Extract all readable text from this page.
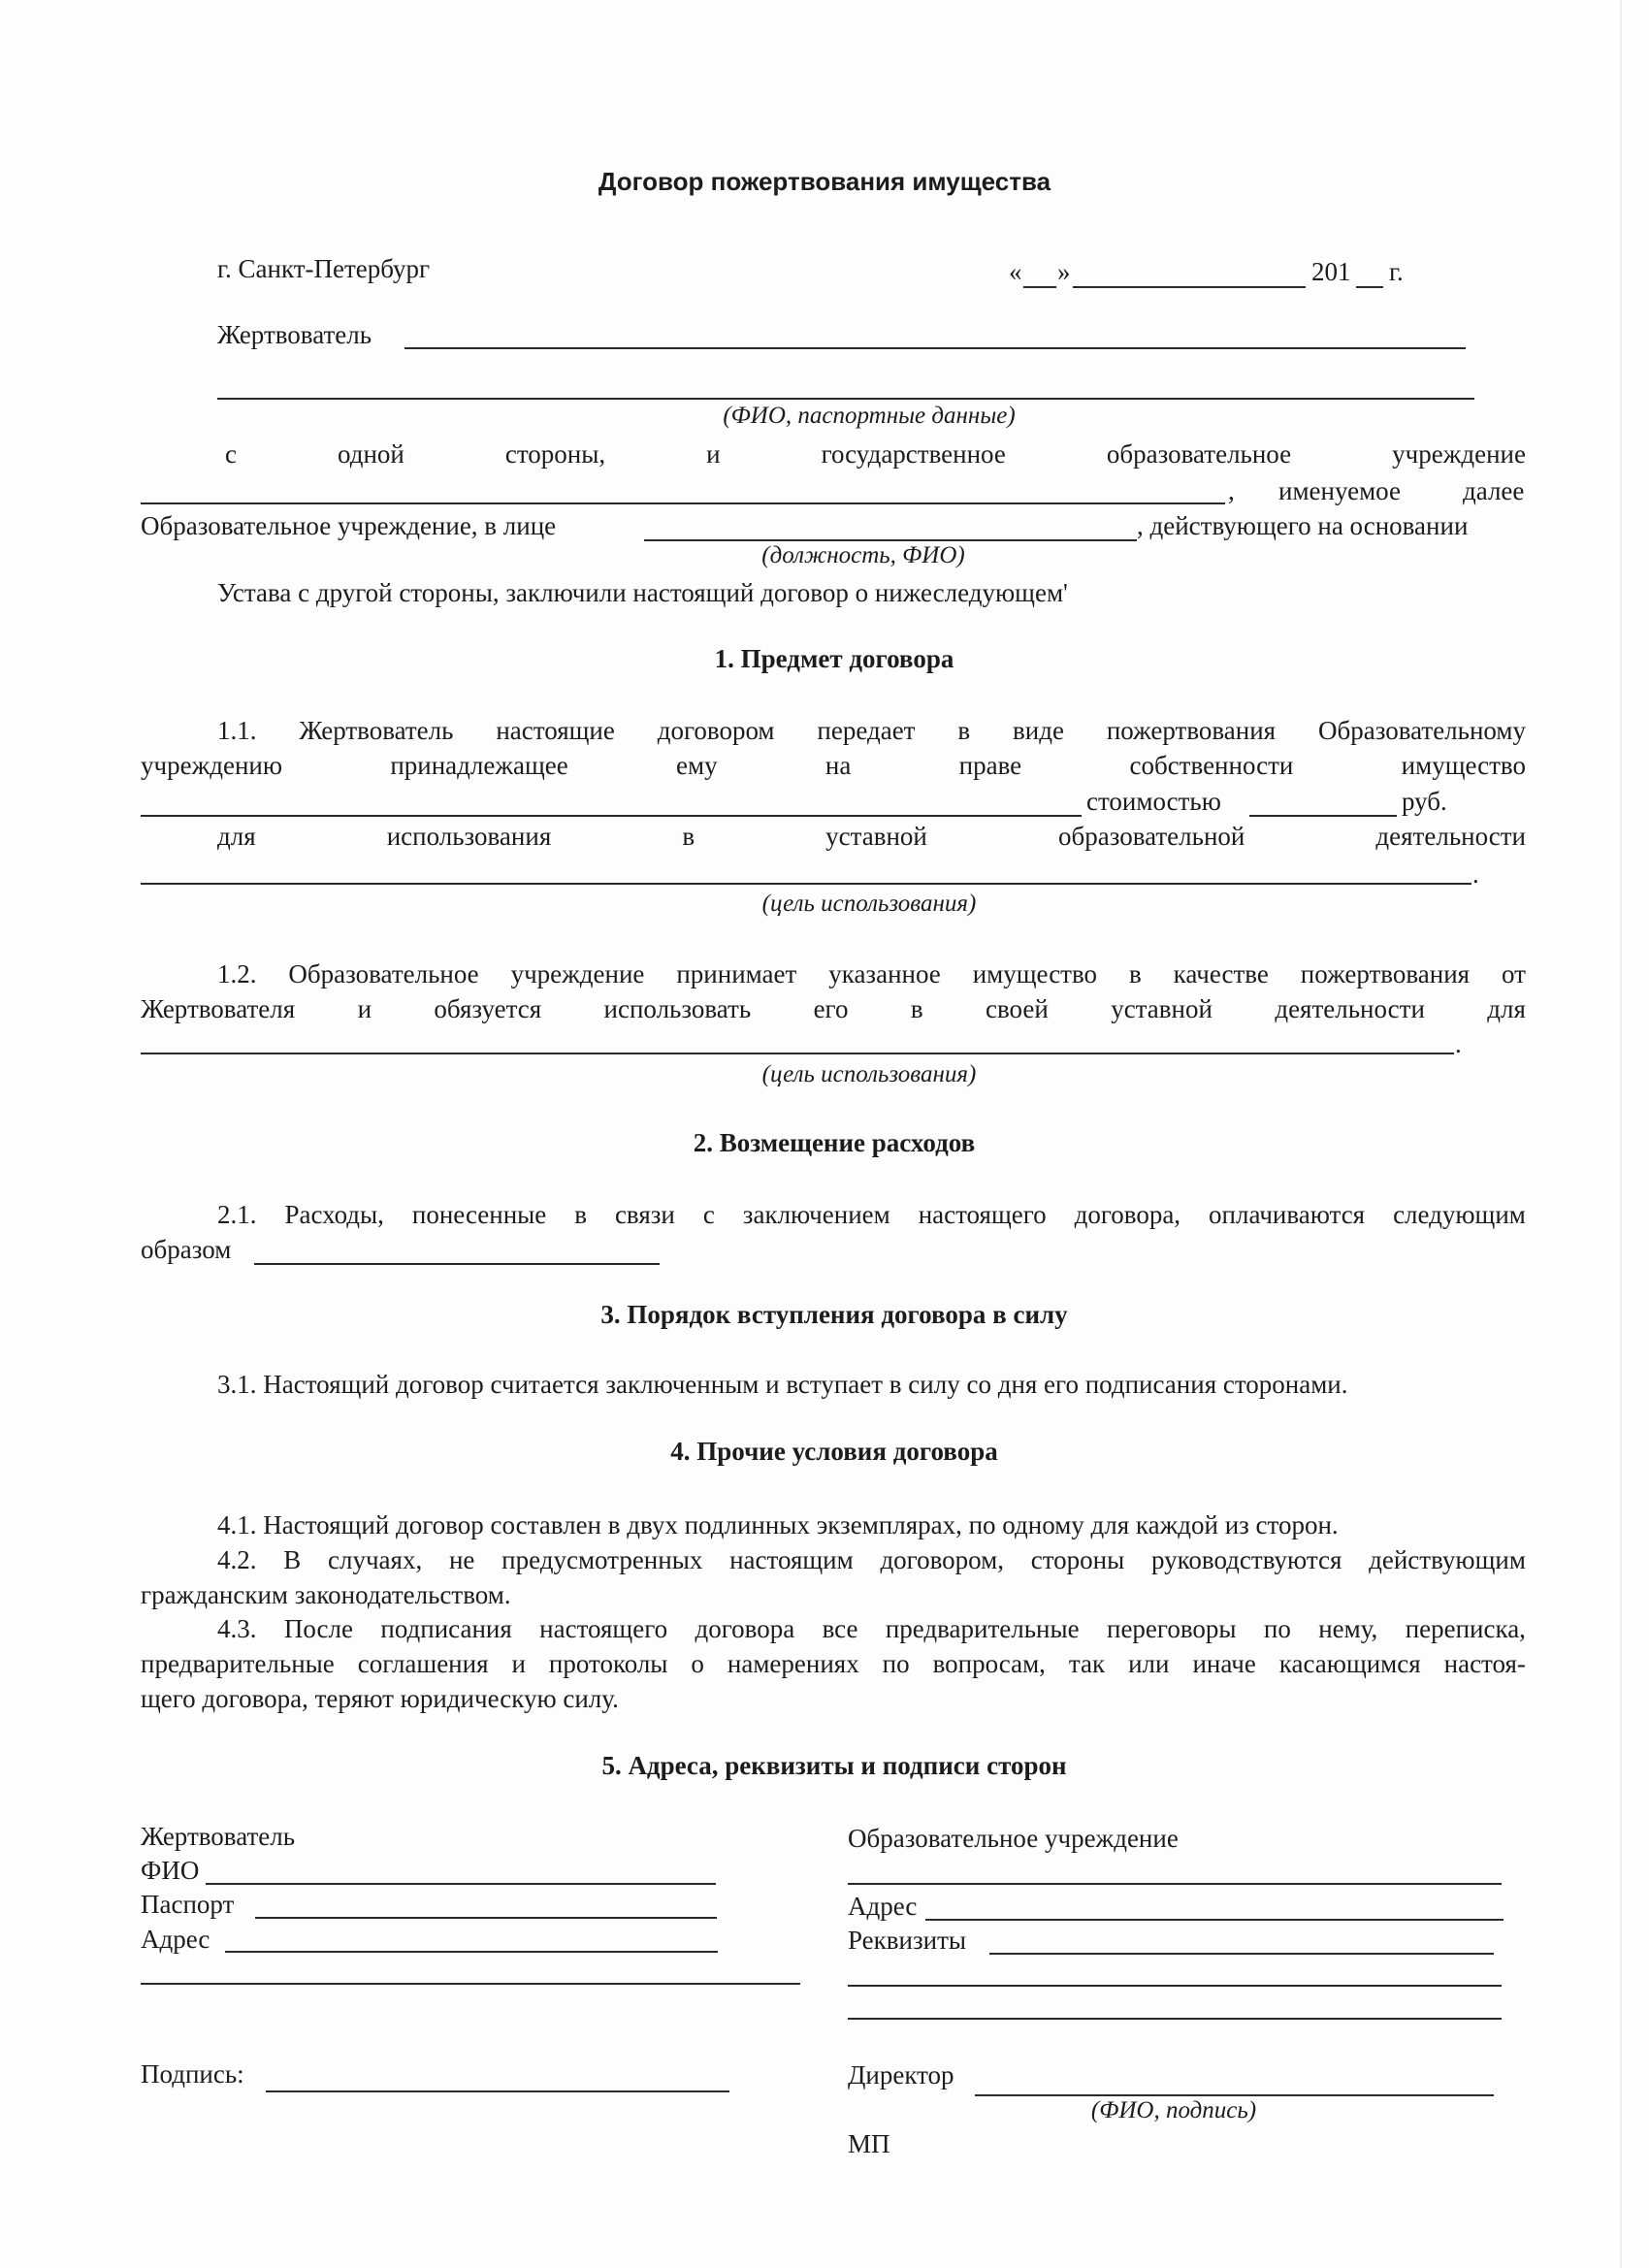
Договор пожертвования имущества
г. Санкт-Петербург	« »	201 г.
Жертвователь
(ФИО, паспортные данные)
с	одной	стороны,	и	государственное	образовательное	учреждение
, именуемое далее
Образовательное учреждение, в лице	, действующего на основании
(должность, ФИО)
Устава с другой стороны, заключили настоящий договор о нижеследующем'
1. Предмет договора
1.1. Жертвователь настоящие договором передает в виде пожертвования Образовательному
учреждению	принадлежащее	ему	на	праве	собственности	имущество
стоимостью	руб.
для	использования	в	уставной	образовательной	деятельности
.
(цель использования)
1.2. Образовательное учреждение принимает указанное имущество в качестве пожертвования от
Жертвователя и обязуется использовать его в своей уставной деятельности для
.
(цель использования)
2. Возмещение расходов
2.1. Расходы, понесенные в связи с заключением настоящего договора, оплачиваются следующим
образом
3. Порядок вступления договора в силу
3.1. Настоящий договор считается заключенным и вступает в силу со дня его подписания сторонами.
4. Прочие условия договора
4.1. Настоящий договор составлен в двух подлинных экземплярах, по одному для каждой из сторон.
4.2. В случаях, не предусмотренных настоящим договором, стороны руководствуются действующим
гражданским законодательством.
4.3. После подписания настоящего договора все предварительные переговоры по нему, переписка,
предварительные соглашения и протоколы о намерениях по вопросам, так или иначе касающимся настоя-
щего договора, теряют юридическую силу.
5. Адреса, реквизиты и подписи сторон
Жертвователь
ФИО
Паспорт
Адрес
Подпись:
Образовательное учреждение
Адрес
Реквизиты
Директор
(ФИО, подпись)
МП
